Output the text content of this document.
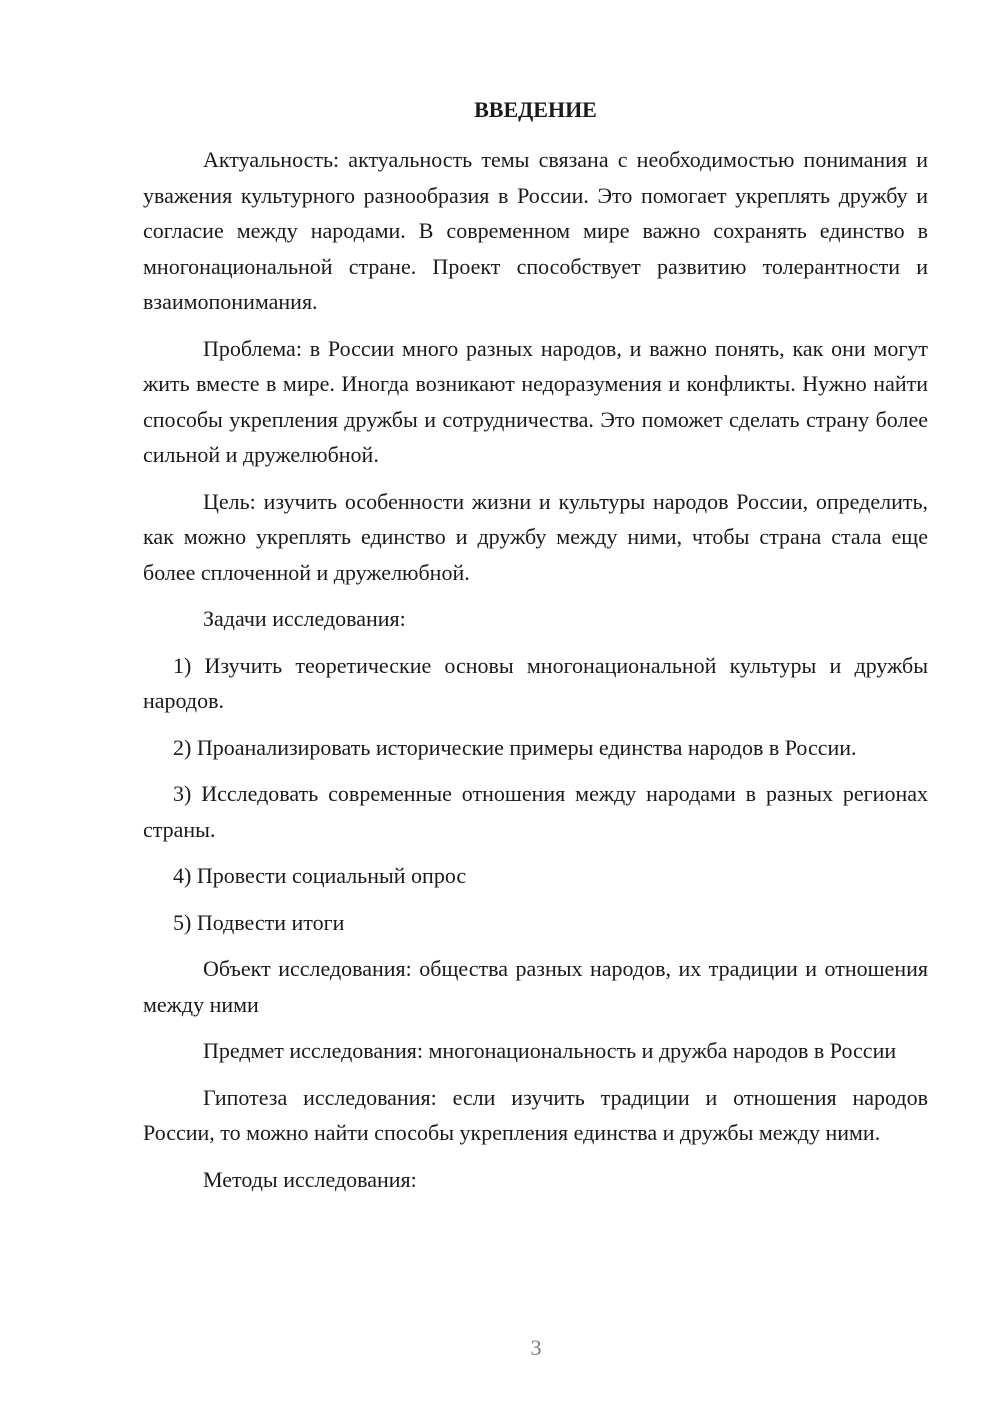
ВВЕДЕНИЕ

Актуальность: актуальность темы связана с необходимостью понимания и уважения культурного разнообразия в России. Это помогает укреплять дружбу и согласие между народами. В современном мире важно сохранять единство в многонациональной стране. Проект способствует развитию толерантности и взаимопонимания.

Проблема: в России много разных народов, и важно понять, как они могут жить вместе в мире. Иногда возникают недоразумения и конфликты. Нужно найти способы укрепления дружбы и сотрудничества. Это поможет сделать страну более сильной и дружелюбной.

Цель: изучить особенности жизни и культуры народов России, определить, как можно укреплять единство и дружбу между ними, чтобы страна стала еще более сплоченной и дружелюбной.

Задачи исследования:

1) Изучить теоретические основы многонациональной культуры и дружбы народов.

2) Проанализировать исторические примеры единства народов в России.

3) Исследовать современные отношения между народами в разных регионах страны.

4) Провести социальный опрос

5) Подвести итоги

Объект исследования: общества разных народов, их традиции и отношения между ними

Предмет исследования: многонациональность и дружба народов в России

Гипотеза исследования: если изучить традиции и отношения народов России, то можно найти способы укрепления единства и дружбы между ними.

Методы исследования:

3
